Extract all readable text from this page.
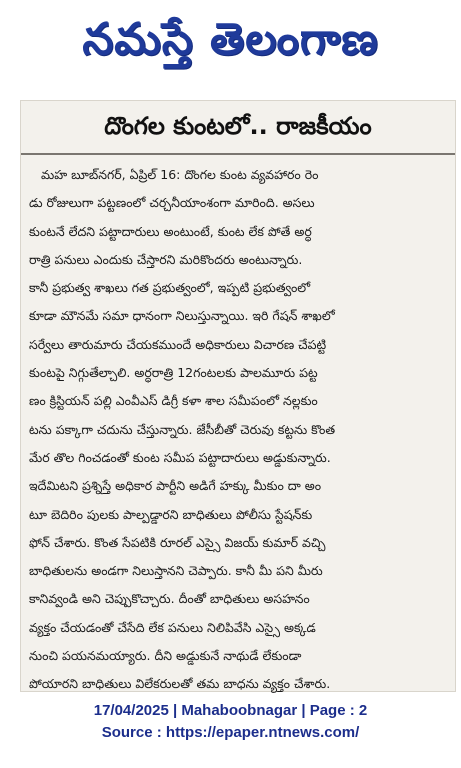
నమస్తే తెలంగాణ
దొంగల కుంటలో.. రాజకీయం
మహ బూబ్‌నగర్, ఏప్రిల్ 16: దొంగల కుంట వ్యవహారం రెం
డు రోజులుగా పట్టణంలో చర్చనీయాంశంగా మారింది. అసలు
కుంటనే లేదని పట్టాదారులు అంటుంటే, కుంట లేక పోతే అర్ధ
రాత్రి పనులు ఎందుకు చేస్తారని మరికొందరు అంటున్నారు.
కానీ ప్రభుత్వ శాఖలు గత ప్రభుత్వంలో, ఇప్పటి ప్రభుత్వంలో
కూడా మౌనమే సమా ధానంగా నిలుస్తున్నాయి. ఇరి గేషన్ శాఖలో
సర్వేలు తారుమారు చేయకముందే అధికారులు విచారణ చేపట్టి
కుంటపై నిగ్గుతేల్చాలి. అర్ధరాత్రి 12గంటలకు పాలమూరు పట్ట
ణం క్రిస్టియన్ పల్లి ఎంవీఎస్ డిగ్రీ కళా శాల సమీపంలో నల్లకుం
టను పక్కాగా చదును చేస్తున్నారు. జేసీబీతో చెరువు కట్టను కొంత
మేర తొల గించడంతో కుంట సమీప పట్టాదారులు అడ్డుకున్నారు.
ఇదేమిటని ప్రశ్నిస్తే అధికార పార్టీని అడిగే హక్కు మీకుం దా అం
టూ బెదిరిం పులకు పాల్పడ్డారని బాధితులు పోలీసు స్టేషన్‌కు
ఫోన్ చేశారు. కొంత సేపటికి రూరల్ ఎస్సై విజయ్ కుమార్ వచ్చి
బాధితులను అండగా నిలుస్తానని చెప్పారు. కానీ మీ పని మీరు
కానివ్వండి అని చెప్పుకొచ్చారు. దీంతో బాధితులు అసహనం
వ్యక్తం చేయడంతో చేసేది లేక పనులు నిలిపివేసి ఎస్సై అక్కడ
నుంచి పయనమయ్యారు. దీని అడ్డుకునే నాథుడే లేకుండా
పోయారని బాధితులు విలేకరులతో తమ బాధను వ్యక్తం చేశారు.
17/04/2025 | Mahaboobnagar | Page : 2
Source : https://epaper.ntnews.com/
